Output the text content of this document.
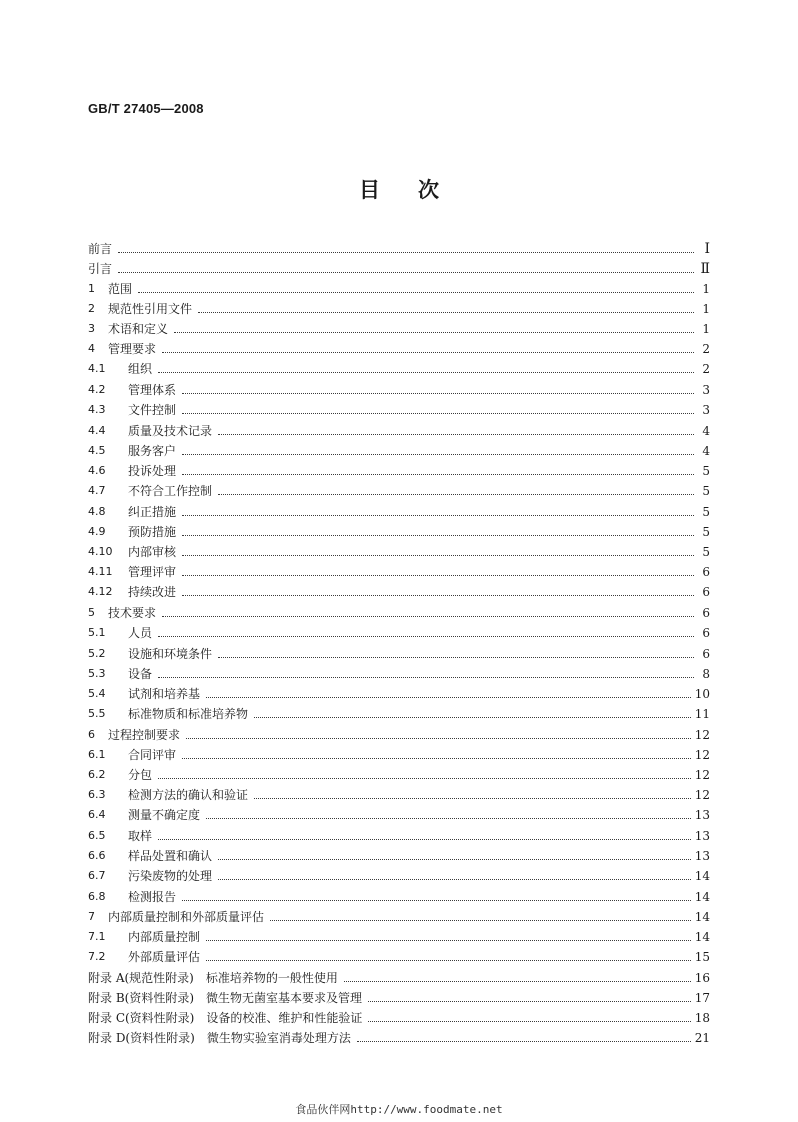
GB/T 27405—2008
目次
前言	Ⅰ
引言	Ⅱ
1	范围	1
2	规范性引用文件	1
3	术语和定义	1
4	管理要求	2
4.1	组织	2
4.2	管理体系	3
4.3	文件控制	3
4.4	质量及技术记录	4
4.5	服务客户	4
4.6	投诉处理	5
4.7	不符合工作控制	5
4.8	纠正措施	5
4.9	预防措施	5
4.10	内部审核	5
4.11	管理评审	6
4.12	持续改进	6
5	技术要求	6
5.1	人员	6
5.2	设施和环境条件	6
5.3	设备	8
5.4	试剂和培养基	10
5.5	标准物质和标准培养物	11
6	过程控制要求	12
6.1	合同评审	12
6.2	分包	12
6.3	检测方法的确认和验证	12
6.4	测量不确定度	13
6.5	取样	13
6.6	样品处置和确认	13
6.7	污染废物的处理	14
6.8	检测报告	14
7	内部质量控制和外部质量评估	14
7.1	内部质量控制	14
7.2	外部质量评估	15
附录 A(规范性附录)	标准培养物的一般性使用	16
附录 B(资料性附录)	微生物无菌室基本要求及管理	17
附录 C(资料性附录)	设备的校准、维护和性能验证	18
附录 D(资料性附录)	微生物实验室消毒处理方法	21
食品伙伴网http://www.foodmate.net
